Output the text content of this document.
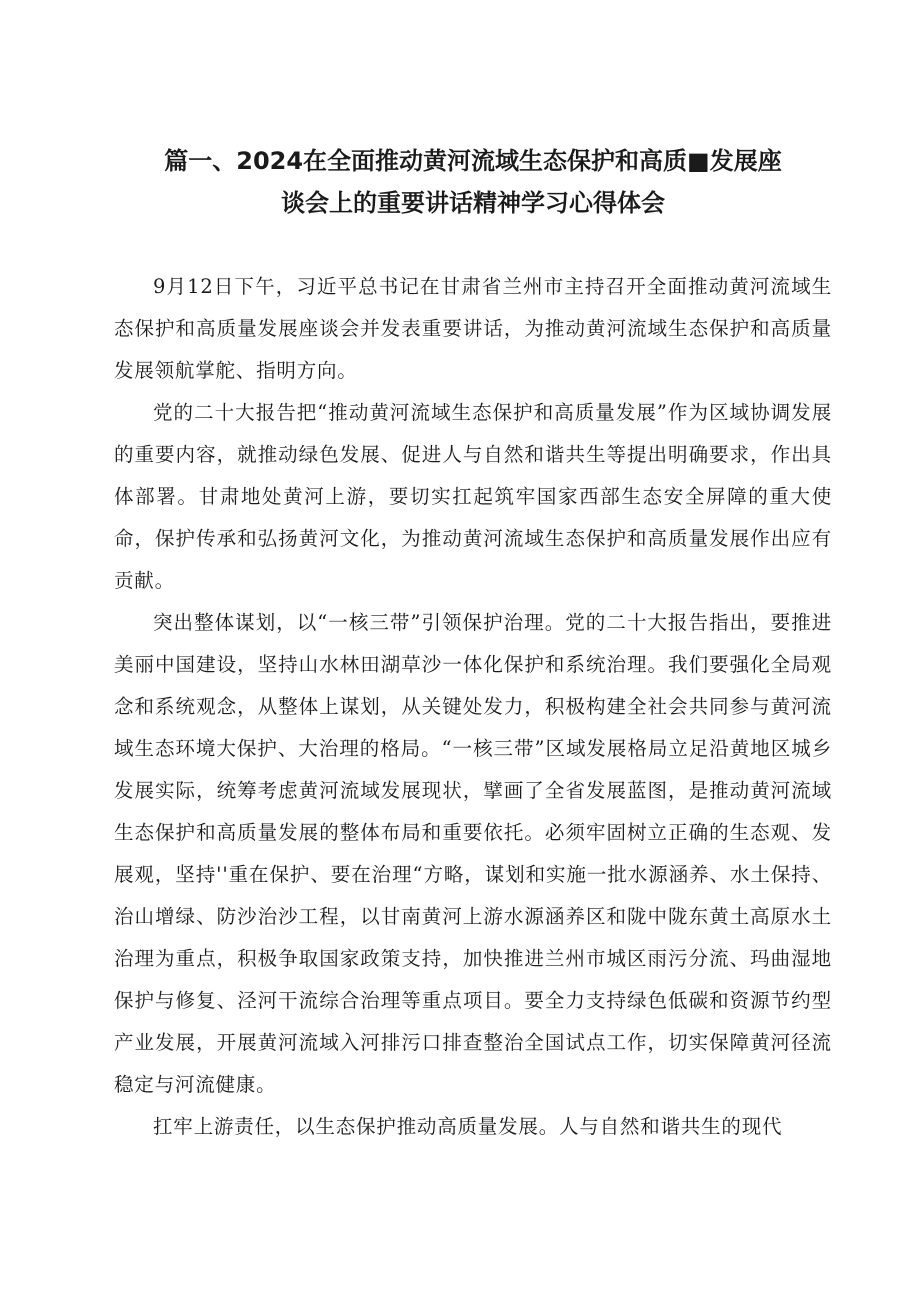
篇一、2024在全面推动黄河流域生态保护和高质■发展座
谈会上的重要讲话精神学习心得体会

9月12日下午，习近平总书记在甘肃省兰州市主持召开全面推动黄河流域生态保护和高质量发展座谈会并发表重要讲话，为推动黄河流域生态保护和高质量发展领航掌舵、指明方向。

党的二十大报告把“推动黄河流域生态保护和高质量发展”作为区域协调发展的重要内容，就推动绿色发展、促进人与自然和谐共生等提出明确要求，作出具体部署。甘肃地处黄河上游，要切实扛起筑牢国家西部生态安全屏障的重大使命，保护传承和弘扬黄河文化，为推动黄河流域生态保护和高质量发展作出应有贡献。

突出整体谋划，以“一核三带”引领保护治理。党的二十大报告指出，要推进美丽中国建设，坚持山水林田湖草沙一体化保护和系统治理。我们要强化全局观念和系统观念，从整体上谋划，从关键处发力，积极构建全社会共同参与黄河流域生态环境大保护、大治理的格局。“一核三带”区域发展格局立足沿黄地区城乡发展实际，统筹考虑黄河流域发展现状，擘画了全省发展蓝图，是推动黄河流域生态保护和高质量发展的整体布局和重要依托。必须牢固树立正确的生态观、发展观，坚持''重在保护、要在治理“方略，谋划和实施一批水源涵养、水土保持、治山增绿、防沙治沙工程，以甘南黄河上游水源涵养区和陇中陇东黄土高原水土治理为重点，积极争取国家政策支持，加快推进兰州市城区雨污分流、玛曲湿地保护与修复、泾河干流综合治理等重点项目。要全力支持绿色低碳和资源节约型产业发展，开展黄河流域入河排污口排查整治全国试点工作，切实保障黄河径流稳定与河流健康。

扛牢上游责任，以生态保护推动高质量发展。人与自然和谐共生的现代
